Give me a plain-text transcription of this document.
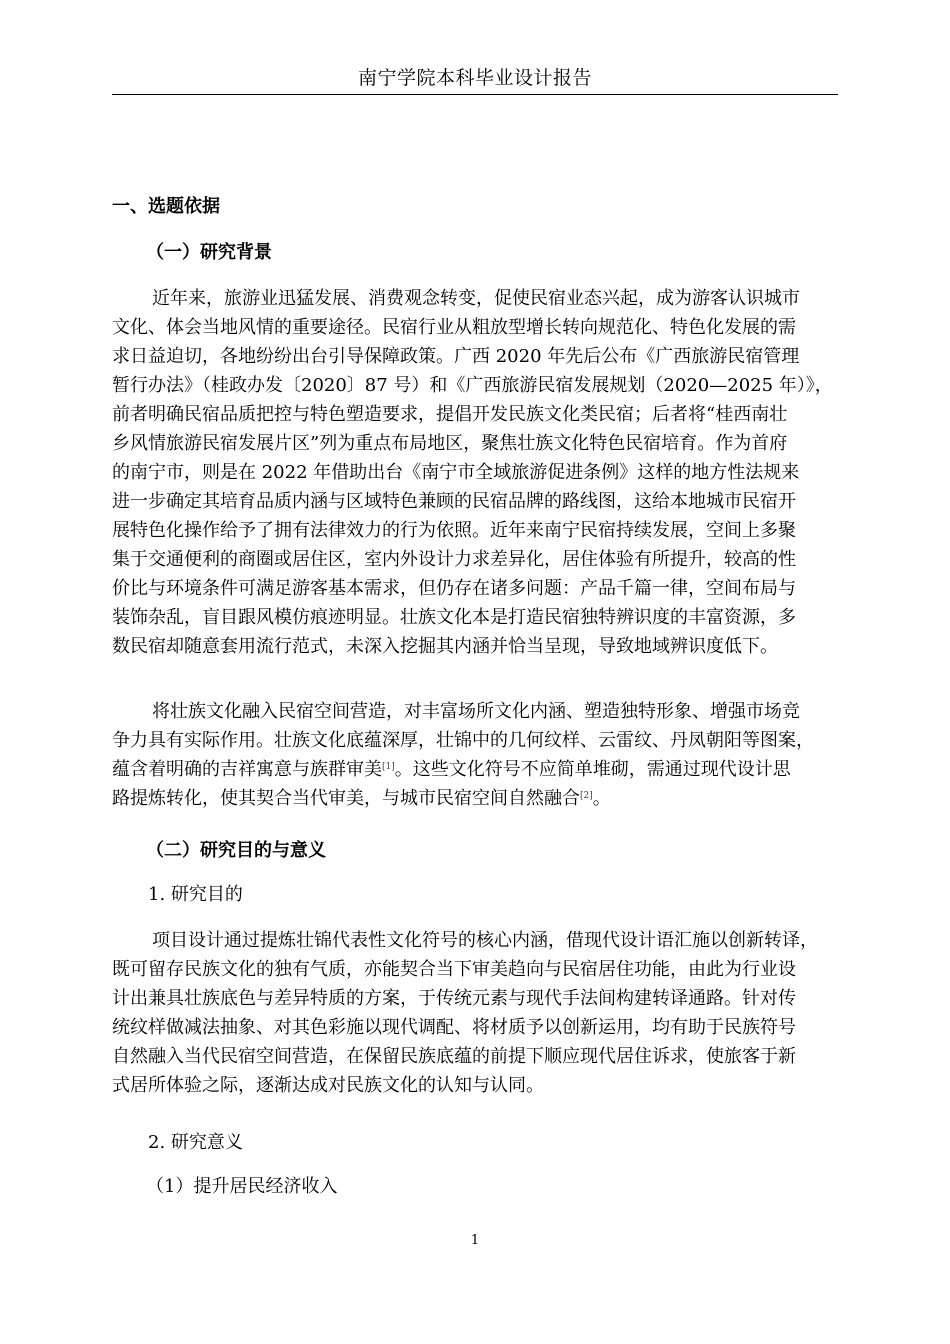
南宁学院本科毕业设计报告
一、选题依据
（一）研究背景
近年来，旅游业迅猛发展、消费观念转变，促使民宿业态兴起，成为游客认识城市
文化、体会当地风情的重要途径。民宿行业从粗放型增长转向规范化、特色化发展的需
求日益迫切，各地纷纷出台引导保障政策。广西 2020 年先后公布《广西旅游民宿管理
暂行办法》（桂政办发〔2020〕87 号）和《广西旅游民宿发展规划（2020—2025 年）》，
前者明确民宿品质把控与特色塑造要求，提倡开发民族文化类民宿；后者将“桂西南壮
乡风情旅游民宿发展片区”列为重点布局地区，聚焦壮族文化特色民宿培育。作为首府
的南宁市，则是在 2022 年借助出台《南宁市全域旅游促进条例》这样的地方性法规来
进一步确定其培育品质内涵与区域特色兼顾的民宿品牌的路线图，这给本地城市民宿开
展特色化操作给予了拥有法律效力的行为依照。近年来南宁民宿持续发展，空间上多聚
集于交通便利的商圈或居住区，室内外设计力求差异化，居住体验有所提升，较高的性
价比与环境条件可满足游客基本需求，但仍存在诸多问题：产品千篇一律，空间布局与
装饰杂乱，盲目跟风模仿痕迹明显。壮族文化本是打造民宿独特辨识度的丰富资源，多
数民宿却随意套用流行范式，未深入挖掘其内涵并恰当呈现，导致地域辨识度低下。
将壮族文化融入民宿空间营造，对丰富场所文化内涵、塑造独特形象、增强市场竞
争力具有实际作用。壮族文化底蕴深厚，壮锦中的几何纹样、云雷纹、丹凤朝阳等图案，
蕴含着明确的吉祥寓意与族群审美[1]。这些文化符号不应简单堆砌，需通过现代设计思
路提炼转化，使其契合当代审美，与城市民宿空间自然融合[2]。
（二）研究目的与意义
1. 研究目的
项目设计通过提炼壮锦代表性文化符号的核心内涵，借现代设计语汇施以创新转译，
既可留存民族文化的独有气质，亦能契合当下审美趋向与民宿居住功能，由此为行业设
计出兼具壮族底色与差异特质的方案，于传统元素与现代手法间构建转译通路。针对传
统纹样做减法抽象、对其色彩施以现代调配、将材质予以创新运用，均有助于民族符号
自然融入当代民宿空间营造，在保留民族底蕴的前提下顺应现代居住诉求，使旅客于新
式居所体验之际，逐渐达成对民族文化的认知与认同。
2. 研究意义
（1）提升居民经济收入
1
